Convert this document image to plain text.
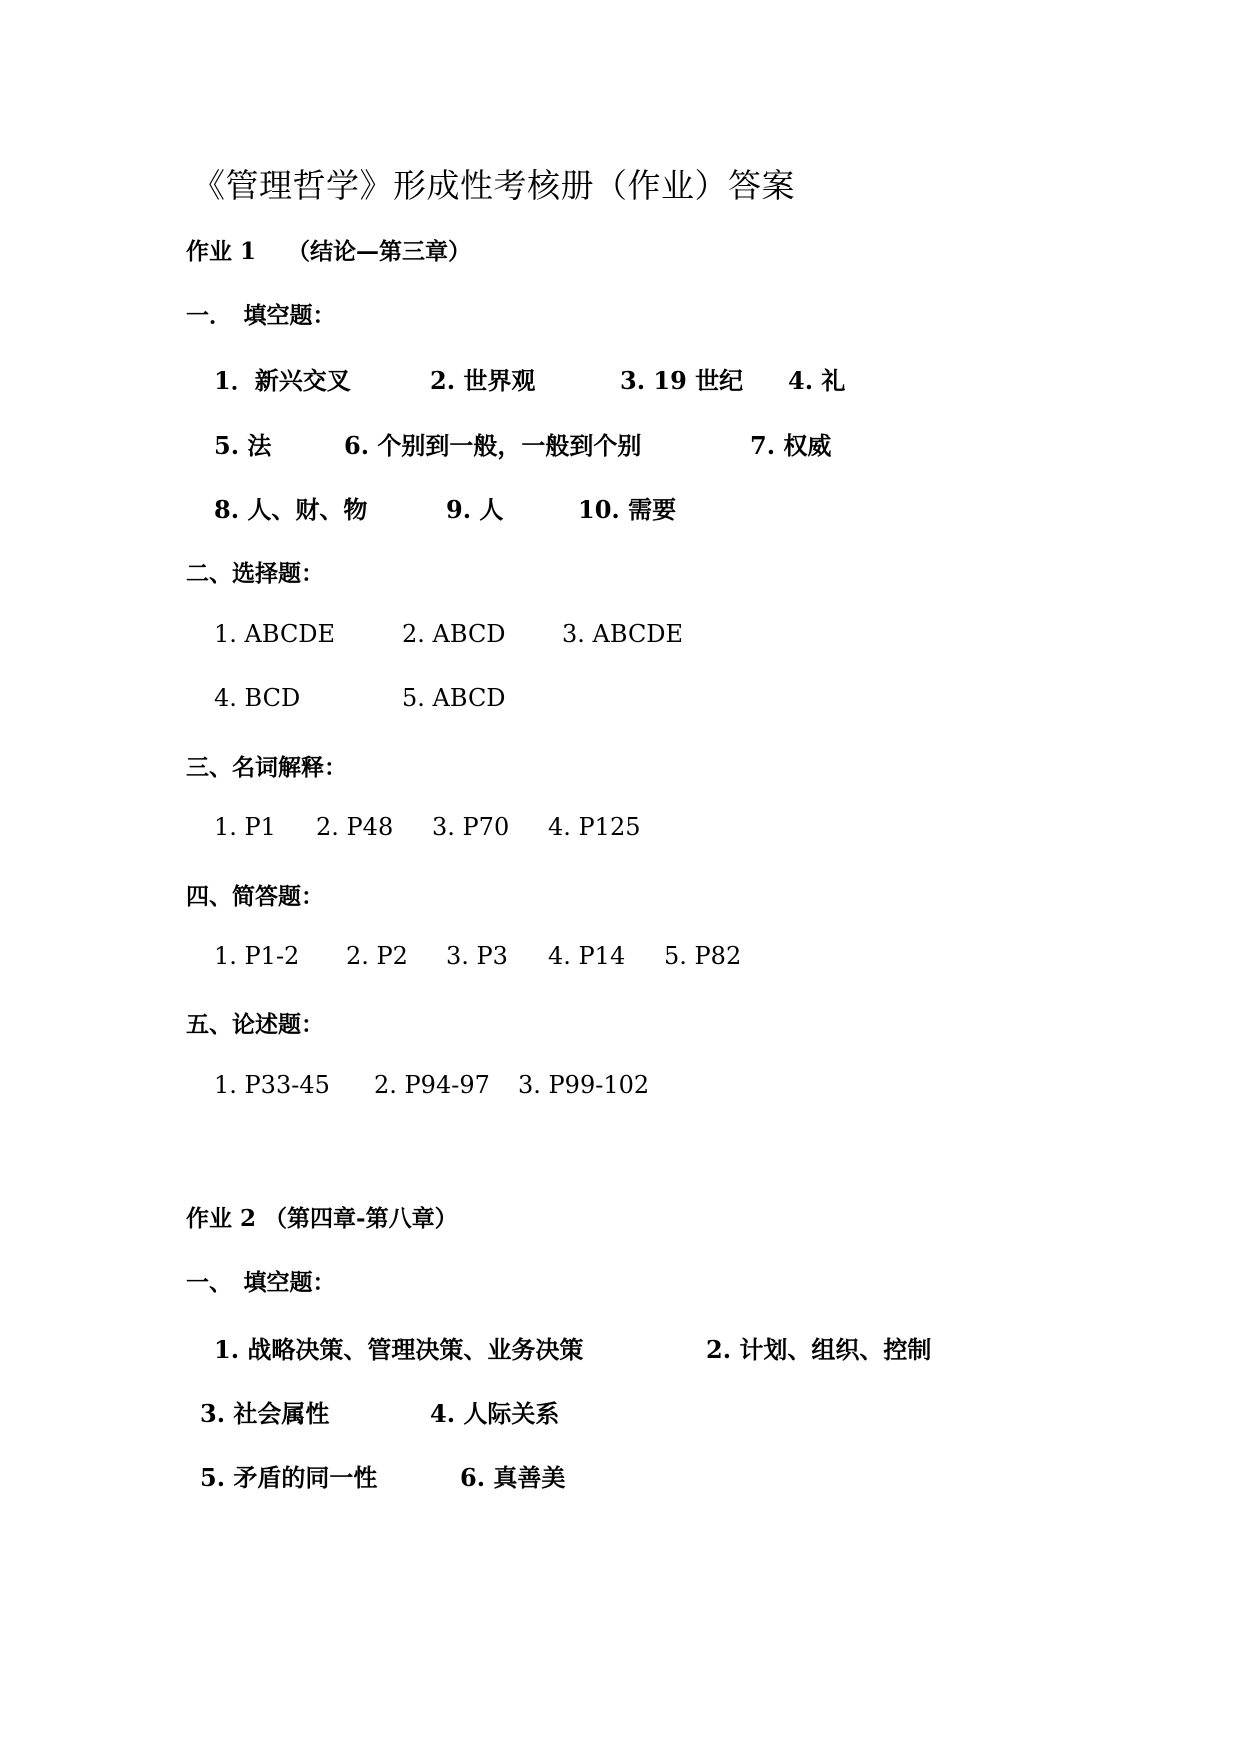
《管理哲学》形成性考核册（作业）答案
作业 1　 （结论—第三章）
一．　填空题：
1．新兴交叉	2. 世界观	3. 19 世纪 4. 礼
5. 法	6. 个别到一般，一般到个别	7. 权威
8. 人、财、物	9. 人	10. 需要
二、选择题：
1. ABCDE	2. ABCD 3. ABCDE
4. BCD	5. ABCD
三、名词解释：
1. P1 2. P48 3. P70 4. P125
四、简答题：
1. P1-2 2. P2 3. P3 4. P14 5. P82
五、论述题：
1. P33-45 2. P94-97 3. P99-102
作业 2 （第四章-第八章）
一、　填空题：
1. 战略决策、管理决策、业务决策	2. 计划、组织、控制
3. 社会属性	4. 人际关系
5. 矛盾的同一性	6. 真善美
